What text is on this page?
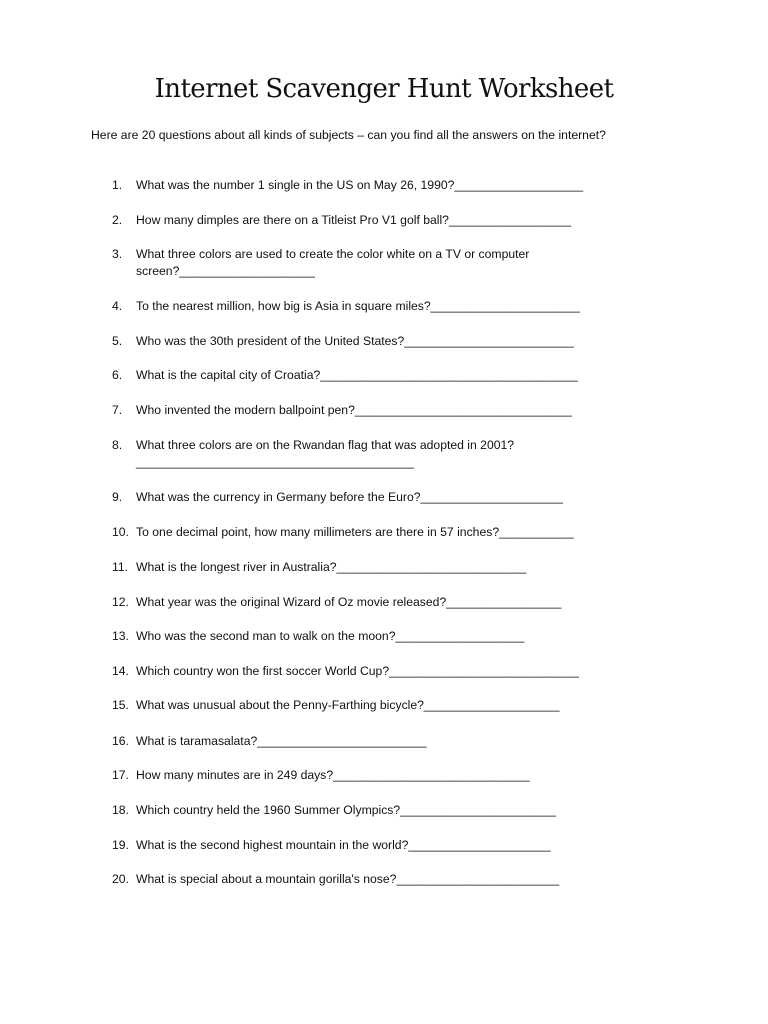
Internet Scavenger Hunt Worksheet
Here are 20 questions about all kinds of subjects – can you find all the answers on the internet?
1.	What was the number 1 single in the US on May 26, 1990?___________________
2.	How many dimples are there on a Titleist Pro V1 golf ball?__________________
3.	What three colors are used to create the color white on a TV or computer
screen?____________________
4.	To the nearest million, how big is Asia in square miles?______________________
5.	Who was the 30th president of the United States?_________________________
6.	What is the capital city of Croatia?______________________________________
7.	Who invented the modern ballpoint pen?________________________________
8.	What three colors are on the Rwandan flag that was adopted in 2001?
_________________________________________
9.	What was the currency in Germany before the Euro?_____________________
10. To one decimal point, how many millimeters are there in 57 inches?___________
11. What is the longest river in Australia?____________________________
12. What year was the original Wizard of Oz movie released?_________________
13. Who was the second man to walk on the moon?___________________
14. Which country won the first soccer World Cup?____________________________
15. What was unusual about the Penny-Farthing bicycle?____________________
16. What is taramasalata?_________________________
17. How many minutes are in 249 days?_____________________________
18. Which country held the 1960 Summer Olympics?_______________________
19. What is the second highest mountain in the world?_____________________
20. What is special about a mountain gorilla's nose?________________________
